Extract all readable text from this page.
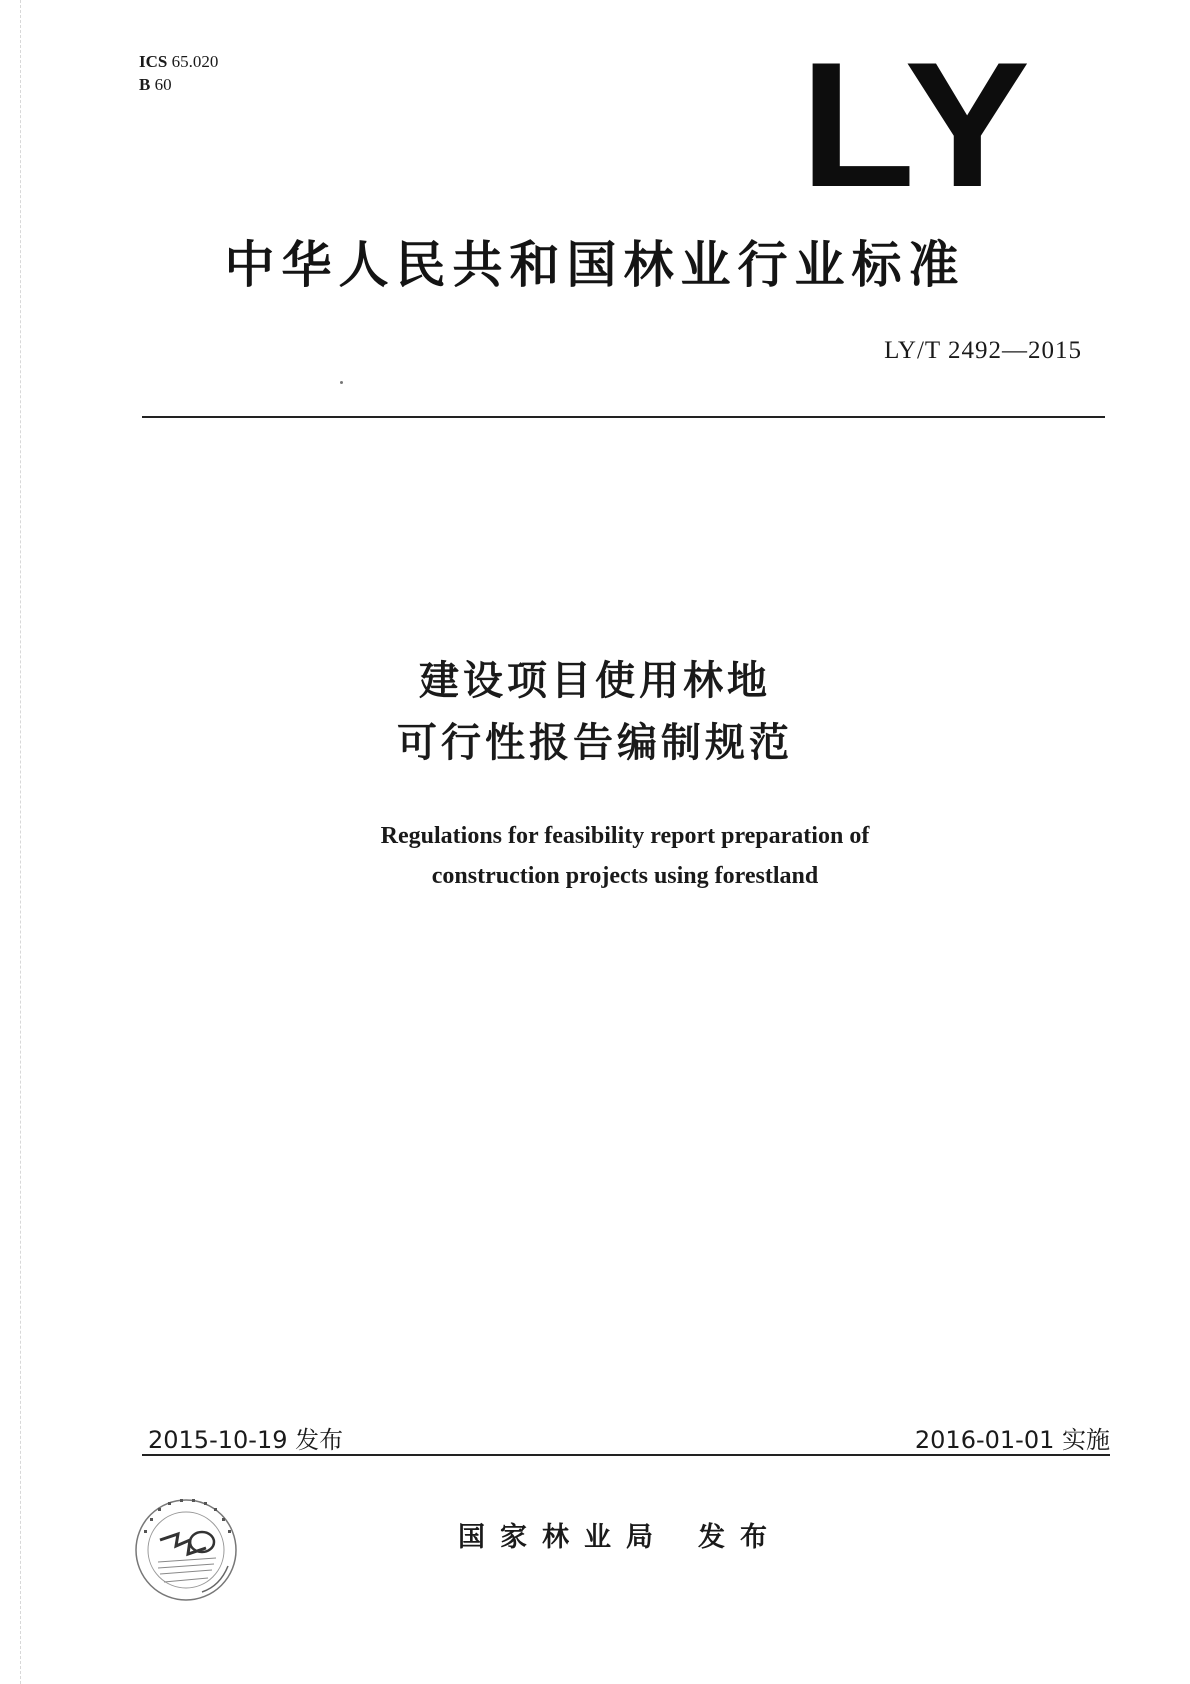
ICS 65.020
B 60	LY
中华人民共和国林业行业标准
LY/T 2492—2015
建设项目使用林地
可行性报告编制规范
Regulations for feasibility report preparation of
construction projects using forestland
2015-10-19 发布	2016-01-01 实施
国家林业局 发布
